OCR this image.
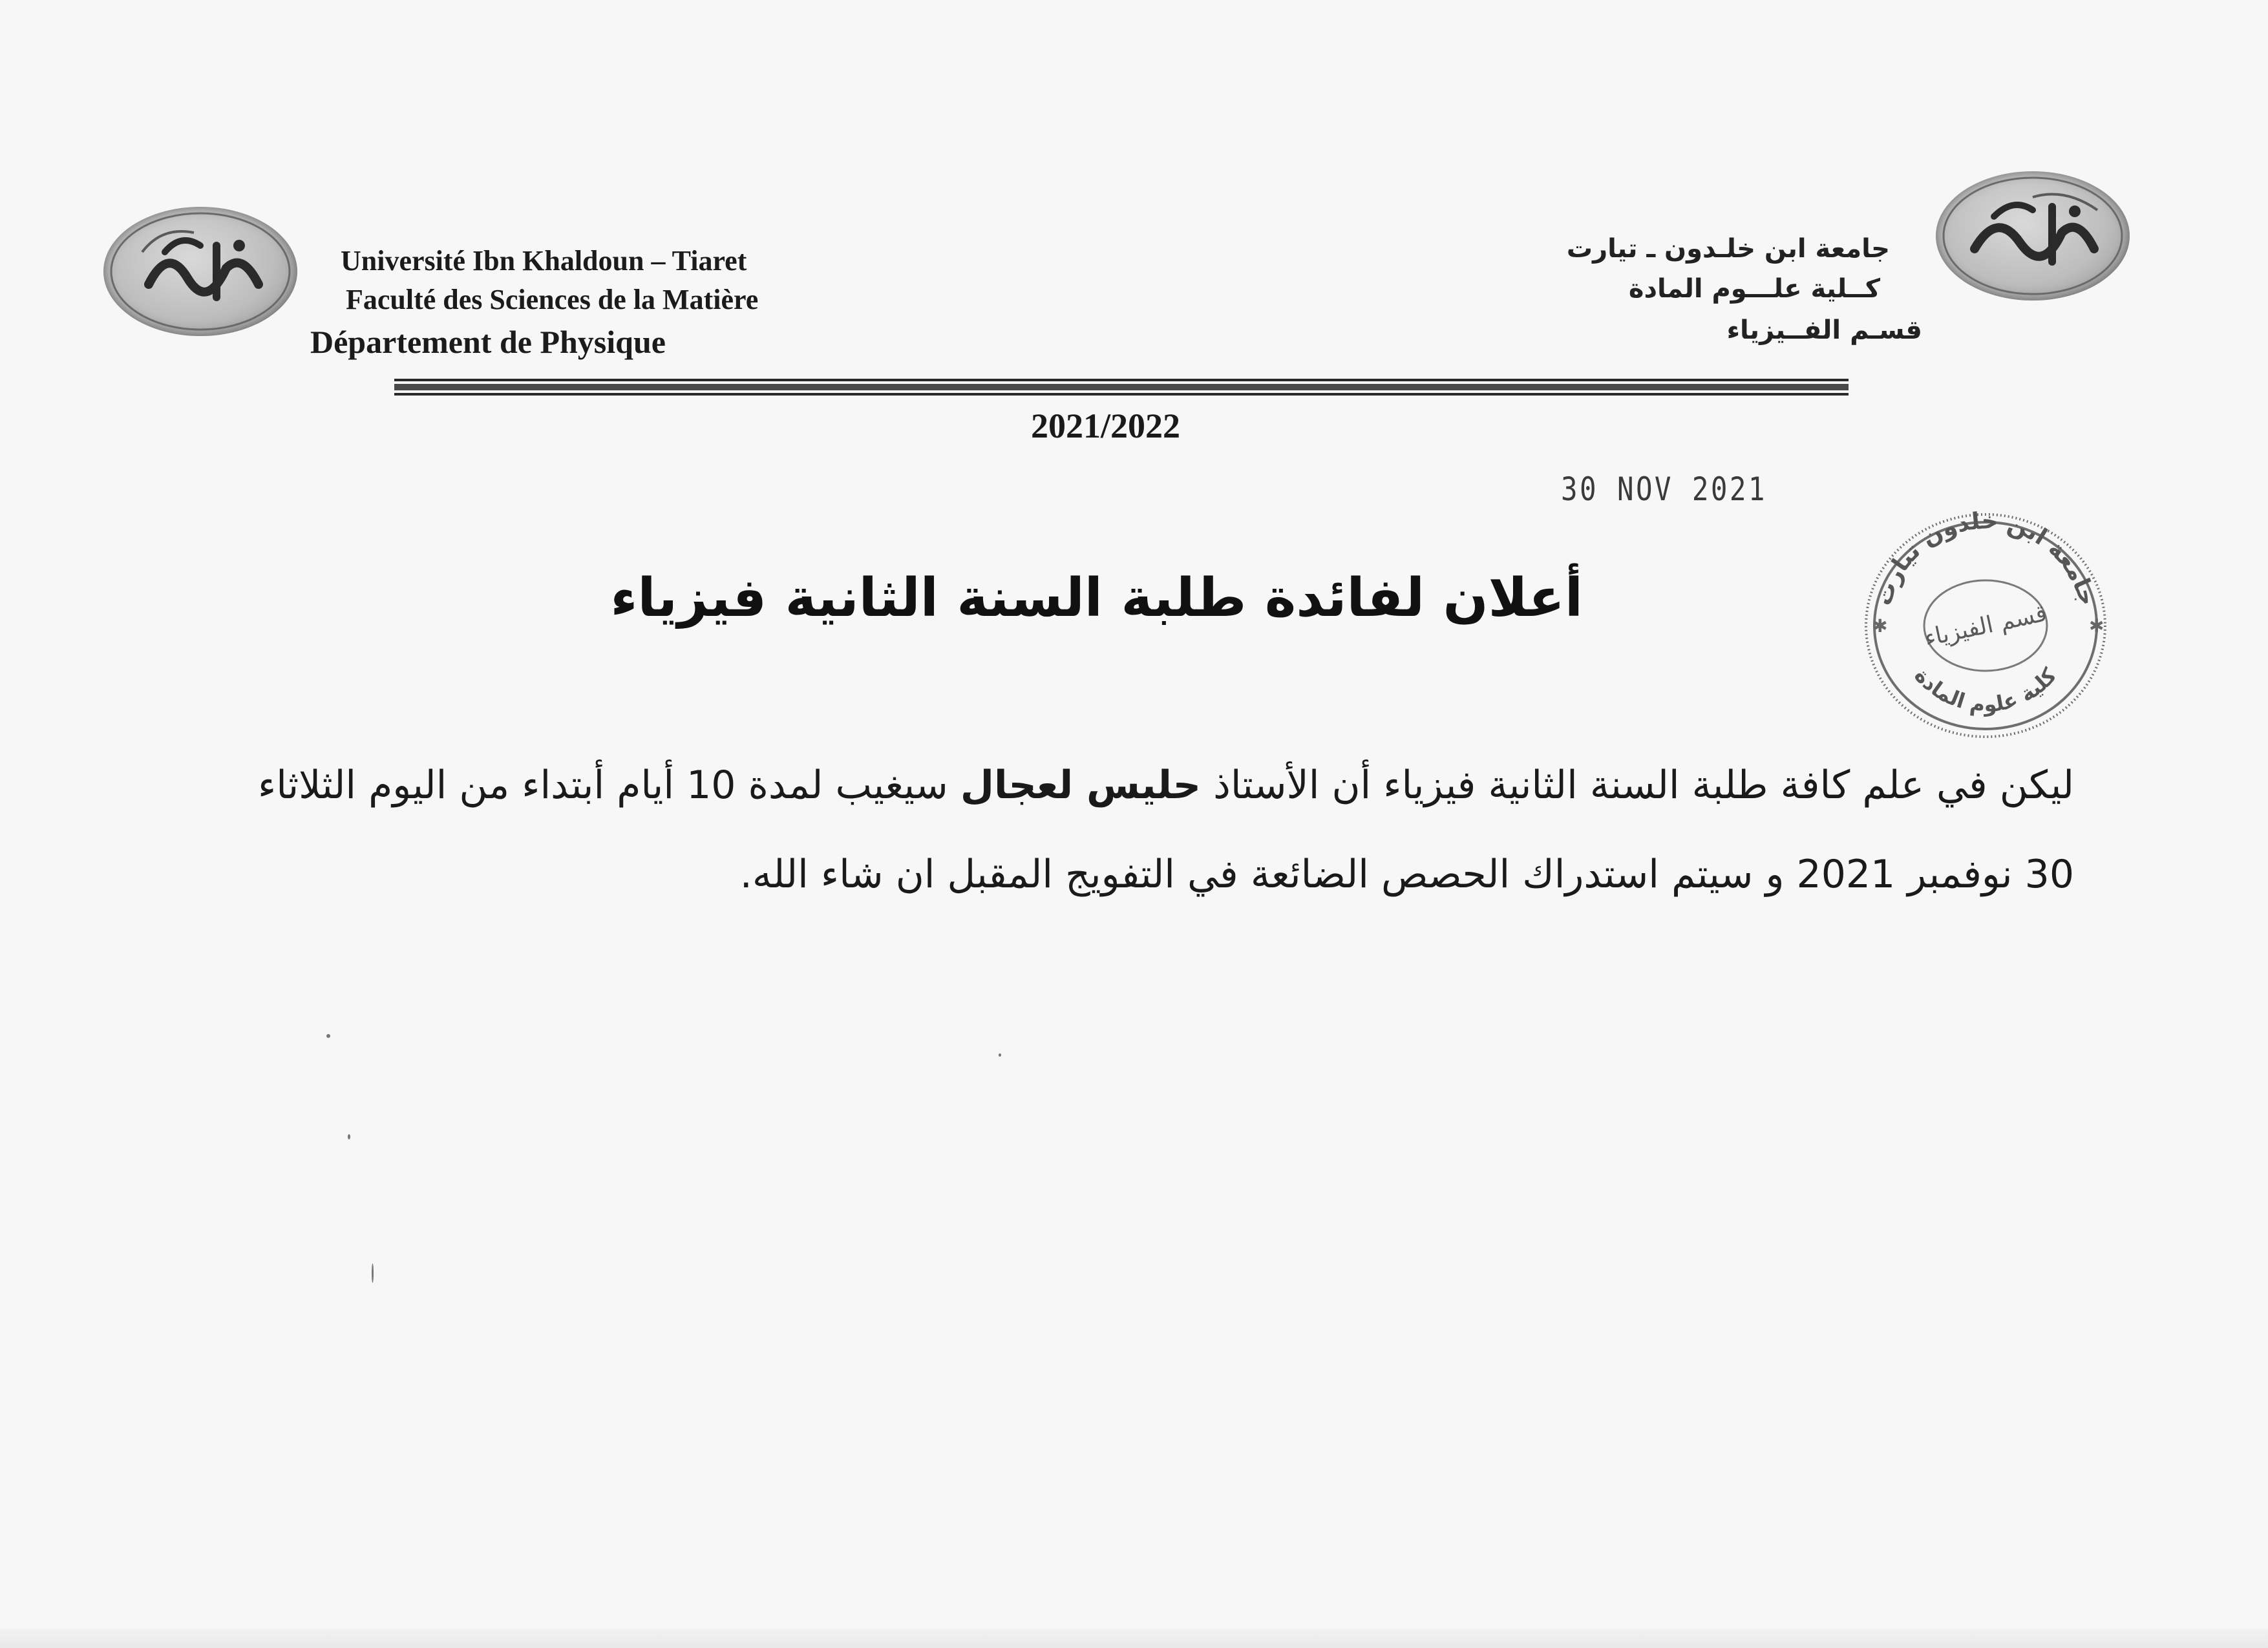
Université Ibn Khaldoun – Tiaret
Faculté des Sciences de la Matière
Département de Physique
جامعة ابن خلـدون ـ تيارت
كــلية علـــوم المادة
قسـم الفــيزياء
2021/2022
30 NOV 2021
جامعة ابن خلدون تيارت
كلية علوم المادة
قسم الفيزياء
✱	✱
أعلان لفائدة طلبة السنة الثانية فيزياء
ليكن في علم كافة طلبة السنة الثانية فيزياء أن الأستاذ حليس لعجال سيغيب لمدة 10 أيام أبتداء من اليوم الثلاثاء
30 نوفمبر 2021 و سيتم استدراك الحصص الضائعة في التفويج المقبل ان شاء الله.
